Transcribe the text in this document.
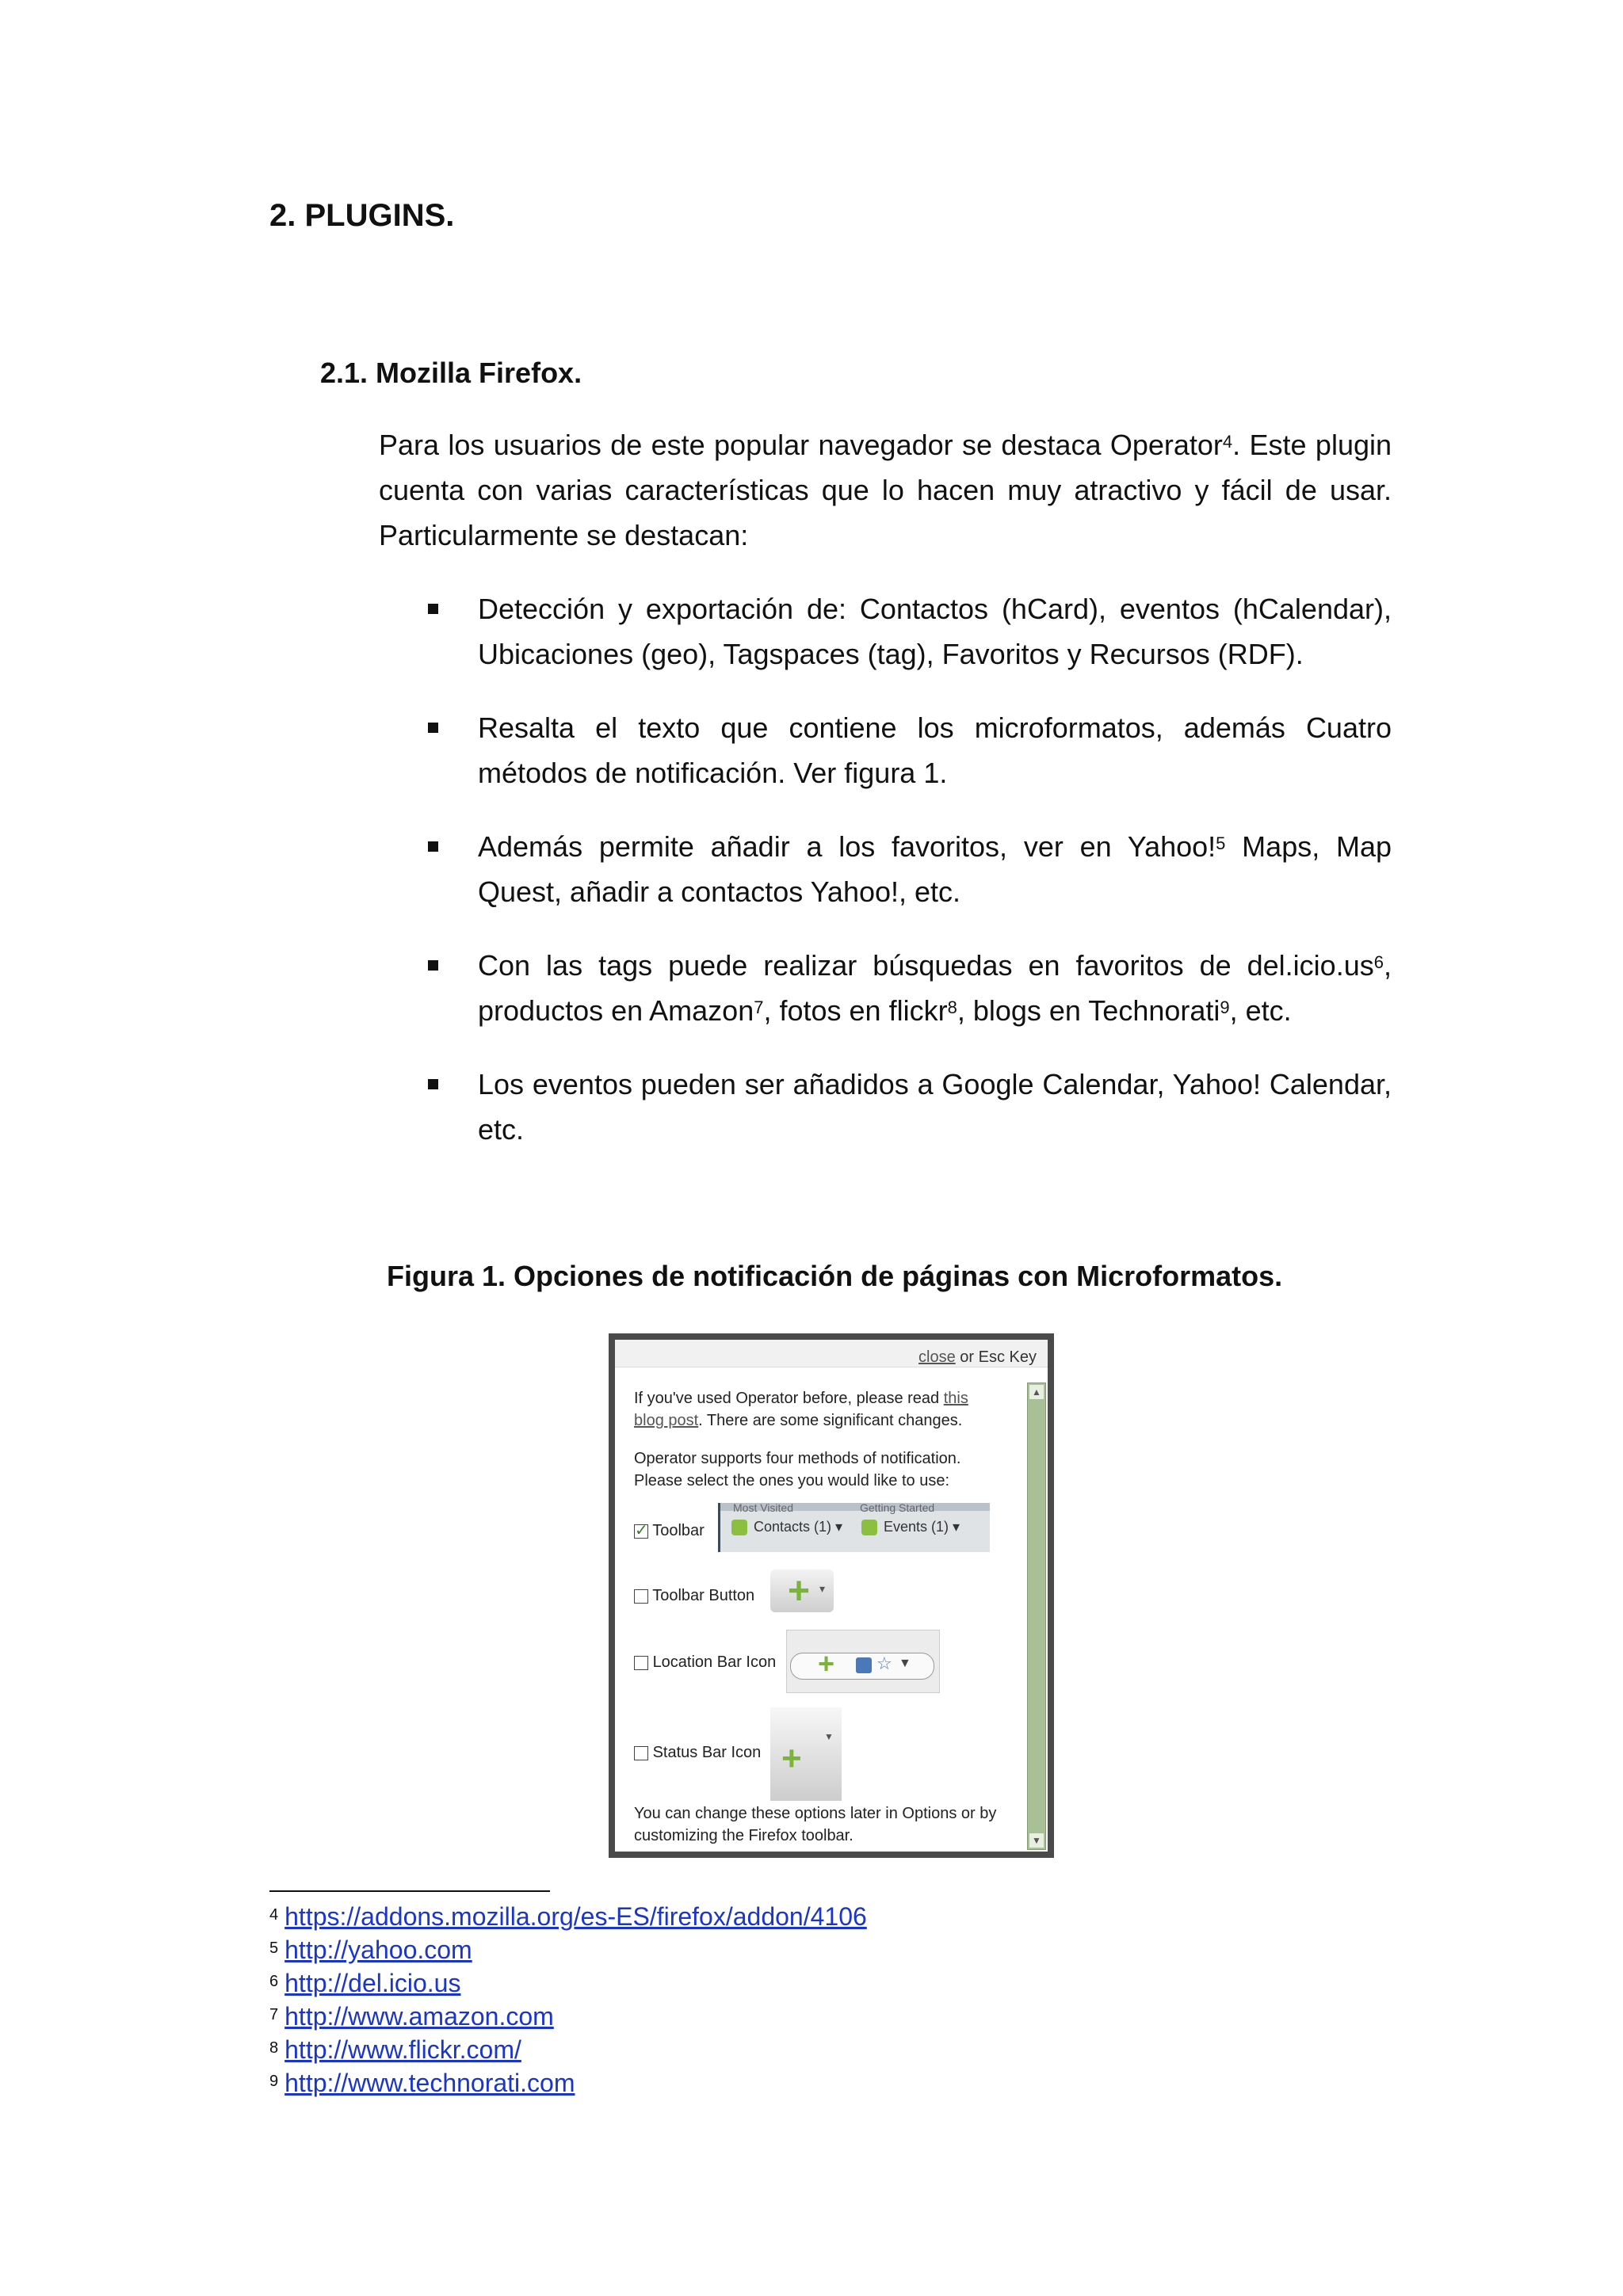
2. PLUGINS.
2.1. Mozilla Firefox.

Para los usuarios de este popular navegador se destaca Operator$^4$. Este plugin cuenta con varias características que lo hacen muy atractivo y fácil de usar. Particularmente se destacan:

Detección y exportación de: Contactos (hCard), eventos (hCalendar), Ubicaciones (geo), Tagspaces (tag), Favoritos y Recursos (RDF).
Resalta el texto que contiene los microformatos, además Cuatro métodos de notificación. Ver figura 1.
Además permite añadir a los favoritos, ver en Yahoo!$^5$ Maps, Map Quest, añadir a contactos Yahoo!, etc.
Con las tags puede realizar búsquedas en favoritos de $del.icio.us^6$, productos en Amazon$^7$, fotos en flickr$^8$, blogs en Technorati$^9$, etc.
Los eventos pueden ser añadidos a Google Calendar, Yahoo! Calendar, etc.

Figura 1. Opciones de notificación de páginas con Microformatos.

close or Esc Key
▲
▼
If you've used Operator before, please read this
blog post. There are some significant changes.
Operator supports four methods of notification.
Please select the ones you would like to use:
✓ Toolbar
Most Visited	Getting Started
Contacts (1) ▾	Events (1) ▾
Toolbar Button + ▾
Location Bar Icon + ☆ ▼
Status Bar Icon +
▼
You can change these options later in Options or by
customizing the Firefox toolbar.
$^4$ https://addons.mozilla.org/es-ES/firefox/addon/4106
$^5$ http://yahoo.com
$^6$ http://del.icio.us
$^7$ http://www.amazon.com
$^8$ http://www.flickr.com/
$^9$ http://www.technorati.com
